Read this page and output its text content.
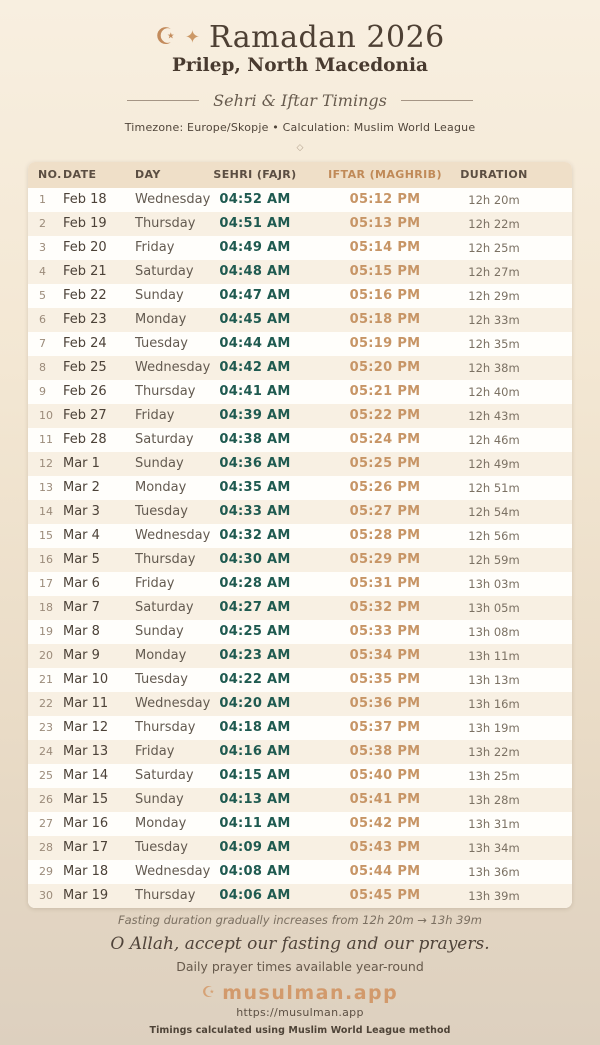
☪ ✦ Ramadan 2026
Prilep, North Macedonia
Sehri & Iftar Timings
Timezone: Europe/Skopje • Calculation: Muslim World League
◇
NO.	DATE	DAY	SEHRI (FAJR)	IFTAR (MAGHRIB)	DURATION
1	Feb 18	Wednesday	04:52 AM	05:12 PM	12h 20m
2	Feb 19	Thursday	04:51 AM	05:13 PM	12h 22m
3	Feb 20	Friday	04:49 AM	05:14 PM	12h 25m
4	Feb 21	Saturday	04:48 AM	05:15 PM	12h 27m
5	Feb 22	Sunday	04:47 AM	05:16 PM	12h 29m
6	Feb 23	Monday	04:45 AM	05:18 PM	12h 33m
7	Feb 24	Tuesday	04:44 AM	05:19 PM	12h 35m
8	Feb 25	Wednesday	04:42 AM	05:20 PM	12h 38m
9	Feb 26	Thursday	04:41 AM	05:21 PM	12h 40m
10	Feb 27	Friday	04:39 AM	05:22 PM	12h 43m
11	Feb 28	Saturday	04:38 AM	05:24 PM	12h 46m
12	Mar 1	Sunday	04:36 AM	05:25 PM	12h 49m
13	Mar 2	Monday	04:35 AM	05:26 PM	12h 51m
14	Mar 3	Tuesday	04:33 AM	05:27 PM	12h 54m
15	Mar 4	Wednesday	04:32 AM	05:28 PM	12h 56m
16	Mar 5	Thursday	04:30 AM	05:29 PM	12h 59m
17	Mar 6	Friday	04:28 AM	05:31 PM	13h 03m
18	Mar 7	Saturday	04:27 AM	05:32 PM	13h 05m
19	Mar 8	Sunday	04:25 AM	05:33 PM	13h 08m
20	Mar 9	Monday	04:23 AM	05:34 PM	13h 11m
21	Mar 10	Tuesday	04:22 AM	05:35 PM	13h 13m
22	Mar 11	Wednesday	04:20 AM	05:36 PM	13h 16m
23	Mar 12	Thursday	04:18 AM	05:37 PM	13h 19m
24	Mar 13	Friday	04:16 AM	05:38 PM	13h 22m
25	Mar 14	Saturday	04:15 AM	05:40 PM	13h 25m
26	Mar 15	Sunday	04:13 AM	05:41 PM	13h 28m
27	Mar 16	Monday	04:11 AM	05:42 PM	13h 31m
28	Mar 17	Tuesday	04:09 AM	05:43 PM	13h 34m
29	Mar 18	Wednesday	04:08 AM	05:44 PM	13h 36m
30	Mar 19	Thursday	04:06 AM	05:45 PM	13h 39m
Fasting duration gradually increases from 12h 20m → 13h 39m
O Allah, accept our fasting and our prayers.
Daily prayer times available year-round
☪ musulman.app
https://musulman.app
Timings calculated using Muslim World League method
